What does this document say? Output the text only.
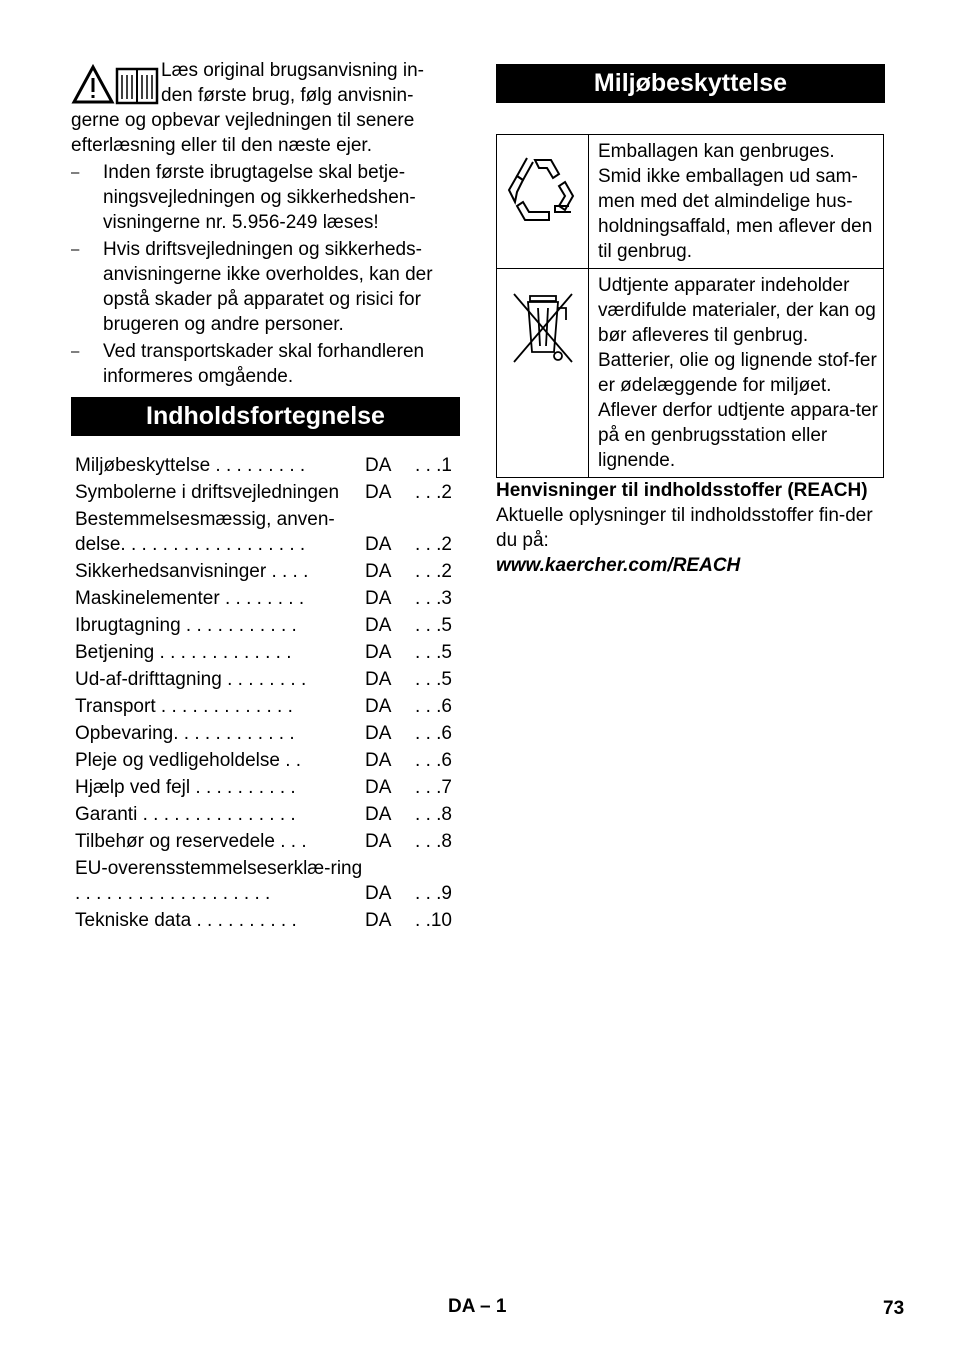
Læs original brugsanvisning in-

den første brug, følg anvisnin-

gerne og opbevar vejledningen til senere efterlæsning eller til den næste ejer.

– Inden første ibrugtagelse skal betje-ningsvejledningen og sikkerhedshen-visningerne nr. 5.956-249 læses!
– Hvis driftsvejledningen og sikkerheds-anvisningerne ikke overholdes, kan der opstå skader på apparatet og risici for brugeren og andre personer.
– Ved transportskader skal forhandleren informeres omgående.
Indholdsfortegnelse
Miljøbeskyttelse . . . . . . . . .	DA . . .1
Symbolerne i driftsvejledningen	DA . . .2
Bestemmelsesmæssig, anven-delse. . . . . . . . . . . . . . . . . .	DA . . .2
Sikkerhedsanvisninger . . . .	DA . . .2
Maskinelementer . . . . . . . .	DA . . .3
Ibrugtagning . . . . . . . . . . .	DA . . .5
Betjening . . . . . . . . . . . . .	DA . . .5
Ud-af-drifttagning . . . . . . . .	DA . . .5
Transport . . . . . . . . . . . . .	DA . . .6
Opbevaring. . . . . . . . . . . .	DA . . .6
Pleje og vedligeholdelse . .	DA . . .6
Hjælp ved fejl . . . . . . . . . .	DA . . .7
Garanti . . . . . . . . . . . . . . .	DA . . .8
Tilbehør og reservedele . . .	DA . . .8
EU-overensstemmelseserklæ-ring . . . . . . . . . . . . . . . . . . .	DA . . .9
Tekniske data . . . . . . . . . .	DA . .10
Miljøbeskyttelse
	Emballagen kan genbruges. Smid ikke emballagen ud sam-men med det almindelige hus-holdningsaffald, men aflever den til genbrug.
	Udtjente apparater indeholder værdifulde materialer, der kan og bør afleveres til genbrug. Batterier, olie og lignende stof-fer er ødelæggende for miljøet. Aflever derfor udtjente appara-ter på en genbrugsstation eller lignende.
Henvisninger til indholdsstoffer (REACH)

Aktuelle oplysninger til indholdsstoffer fin-der du på:

www.kaercher.com/REACH
DA – 1	73
